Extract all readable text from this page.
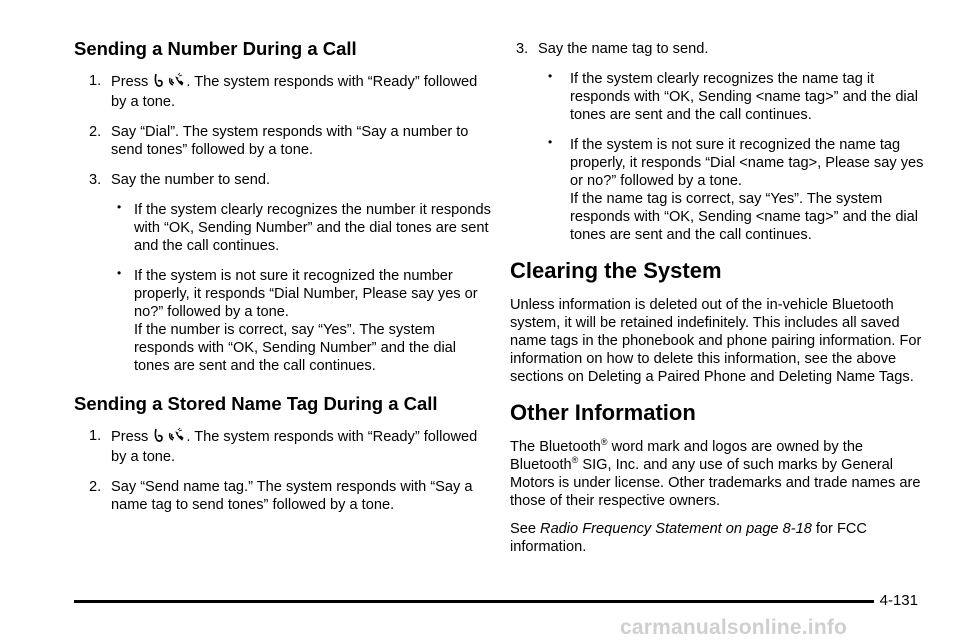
Sending a Number During a Call
1. Press	. The system responds with “Ready” followed by a tone.
2. Say “Dial”. The system responds with “Say a number to send tones” followed by a tone.
3. Say the number to send.
• If the system clearly recognizes the number it responds with “OK, Sending Number” and the dial tones are sent and the call continues.
• If the system is not sure it recognized the number properly, it responds “Dial Number, Please say yes or no?” followed by a tone.
If the number is correct, say “Yes”. The system responds with “OK, Sending Number” and the dial tones are sent and the call continues.
Sending a Stored Name Tag During a Call
1. Press	. The system responds with “Ready” followed by a tone.
2. Say “Send name tag.” The system responds with “Say a name tag to send tones” followed by a tone.
3. Say the name tag to send.
• If the system clearly recognizes the name tag it responds with “OK, Sending <name tag>” and the dial tones are sent and the call continues.
• If the system is not sure it recognized the name tag properly, it responds “Dial <name tag>, Please say yes or no?” followed by a tone.
If the name tag is correct, say “Yes”. The system responds with “OK, Sending <name tag>” and the dial tones are sent and the call continues.
Clearing the System

Unless information is deleted out of the in-vehicle Bluetooth system, it will be retained indefinitely. This includes all saved name tags in the phonebook and phone pairing information. For information on how to delete this information, see the above sections on Deleting a Paired Phone and Deleting Name Tags.

Other Information

The Bluetooth® word mark and logos are owned by the Bluetooth® SIG, Inc. and any use of such marks by General Motors is under license. Other trademarks and trade names are those of their respective owners.

See Radio Frequency Statement on page 8-18 for FCC information.

4-131
carmanualsonline.info
